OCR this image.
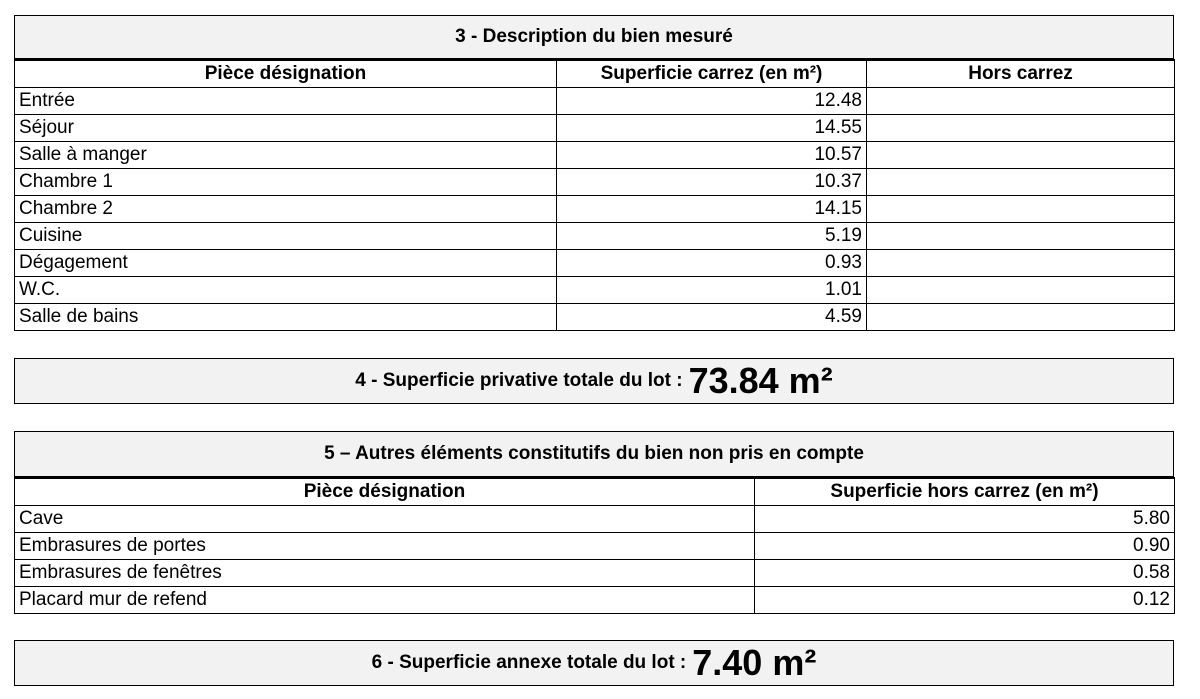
3 - Description du bien mesuré
Pièce désignation	Superficie carrez (en m²)	Hors carrez
Entrée	12.48	
Séjour	14.55	
Salle à manger	10.57	
Chambre 1	10.37	
Chambre 2	14.15	
Cuisine	5.19	
Dégagement	0.93	
W.C.	1.01	
Salle de bains	4.59	
4 - Superficie privative totale du lot : 73.84 m²
5 – Autres éléments constitutifs du bien non pris en compte
Pièce désignation	Superficie hors carrez (en m²)
Cave	5.80
Embrasures de portes	0.90
Embrasures de fenêtres	0.58
Placard mur de refend	0.12
6 - Superficie annexe totale du lot : 7.40 m²
